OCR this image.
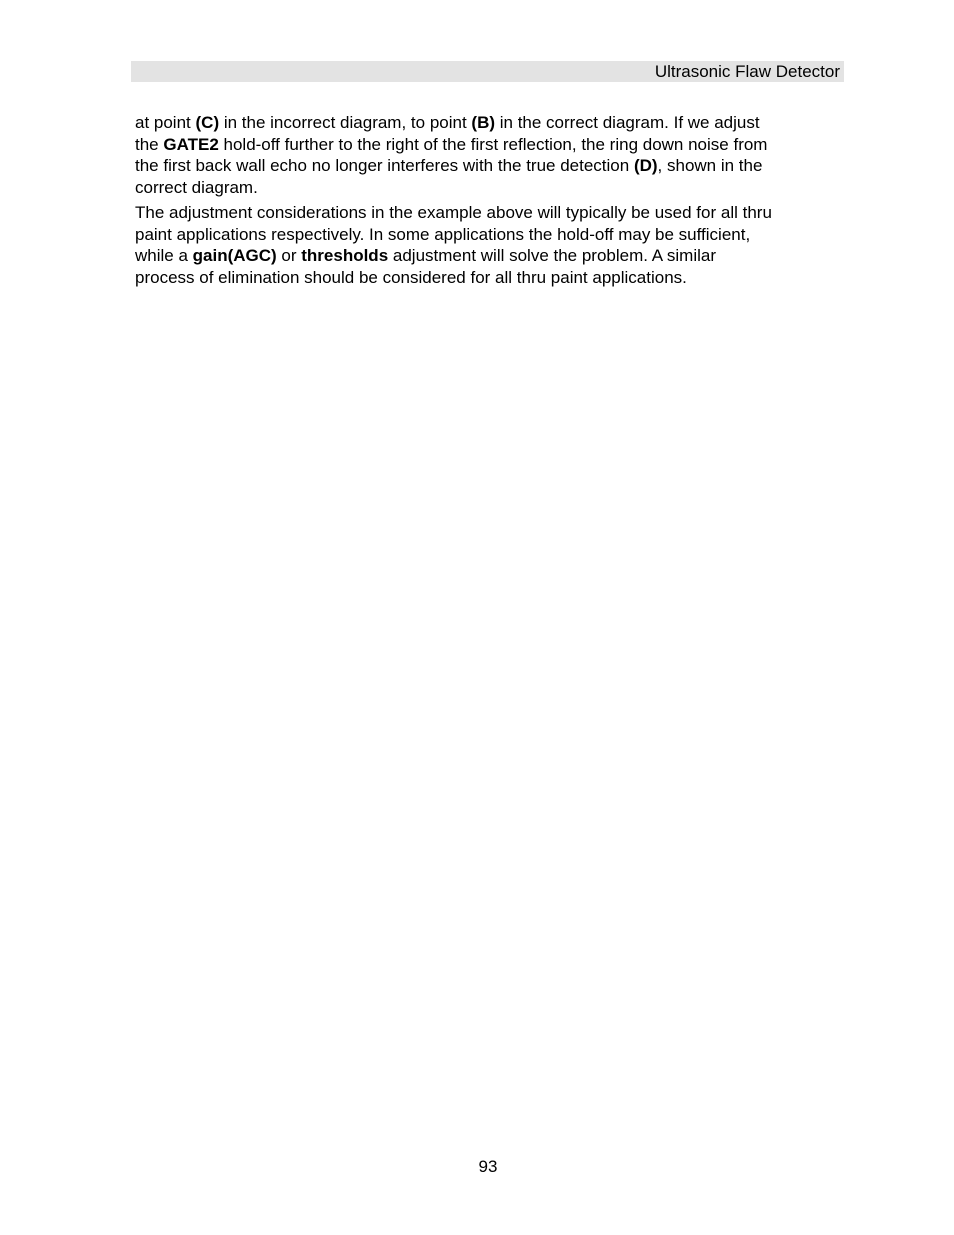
Ultrasonic Flaw Detector

at point (C) in the incorrect diagram, to point (B) in the correct diagram. If we adjust
the GATE2 hold-off further to the right of the first reflection, the ring down noise from
the first back wall echo no longer interferes with the true detection (D), shown in the
correct diagram.

The adjustment considerations in the example above will typically be used for all thru
paint applications respectively. In some applications the hold-off may be sufficient,
while a gain(AGC) or thresholds adjustment will solve the problem. A similar
process of elimination should be considered for all thru paint applications.

93
